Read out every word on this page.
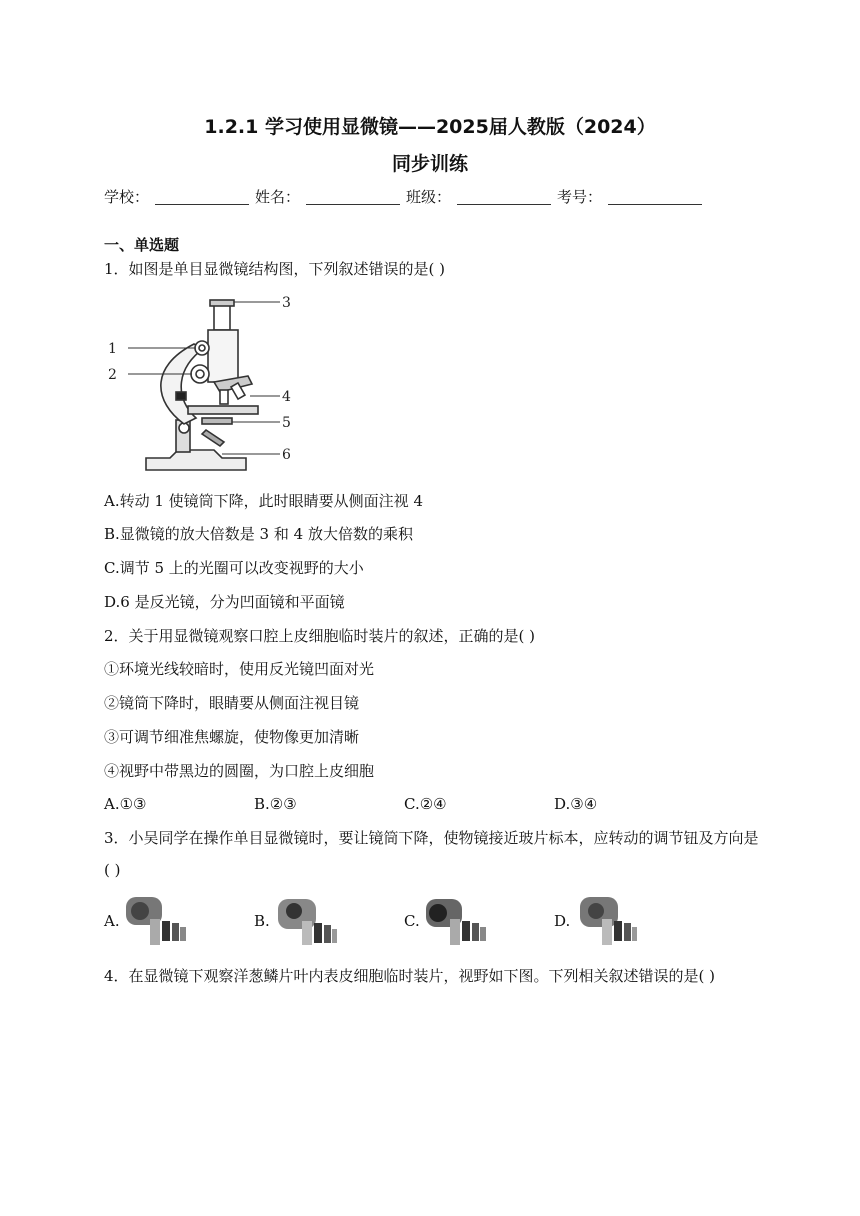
1.2.1 学习使用显微镜——2025届人教版（2024）
同步训练
学校：	姓名：	班级：	考号：
一、单选题
1．如图是单目显微镜结构图，下列叙述错误的是( )
1
2
3
4
5
6
A.转动 1 使镜筒下降，此时眼睛要从侧面注视 4
B.显微镜的放大倍数是 3 和 4 放大倍数的乘积
C.调节 5 上的光圈可以改变视野的大小
D.6 是反光镜，分为凹面镜和平面镜
2．关于用显微镜观察口腔上皮细胞临时装片的叙述，正确的是( )
①环境光线较暗时，使用反光镜凹面对光
②镜筒下降时，眼睛要从侧面注视目镜
③可调节细准焦螺旋，使物像更加清晰
④视野中带黑边的圆圈，为口腔上皮细胞
A.①③	B.②③	C.②④	D.③④
3．小吴同学在操作单目显微镜时，要让镜筒下降，使物镜接近玻片标本，应转动的调节钮及方向是( )
A.	B.	C.	D.
4．在显微镜下观察洋葱鳞片叶内表皮细胞临时装片，视野如下图。下列相关叙述错误的是( )
